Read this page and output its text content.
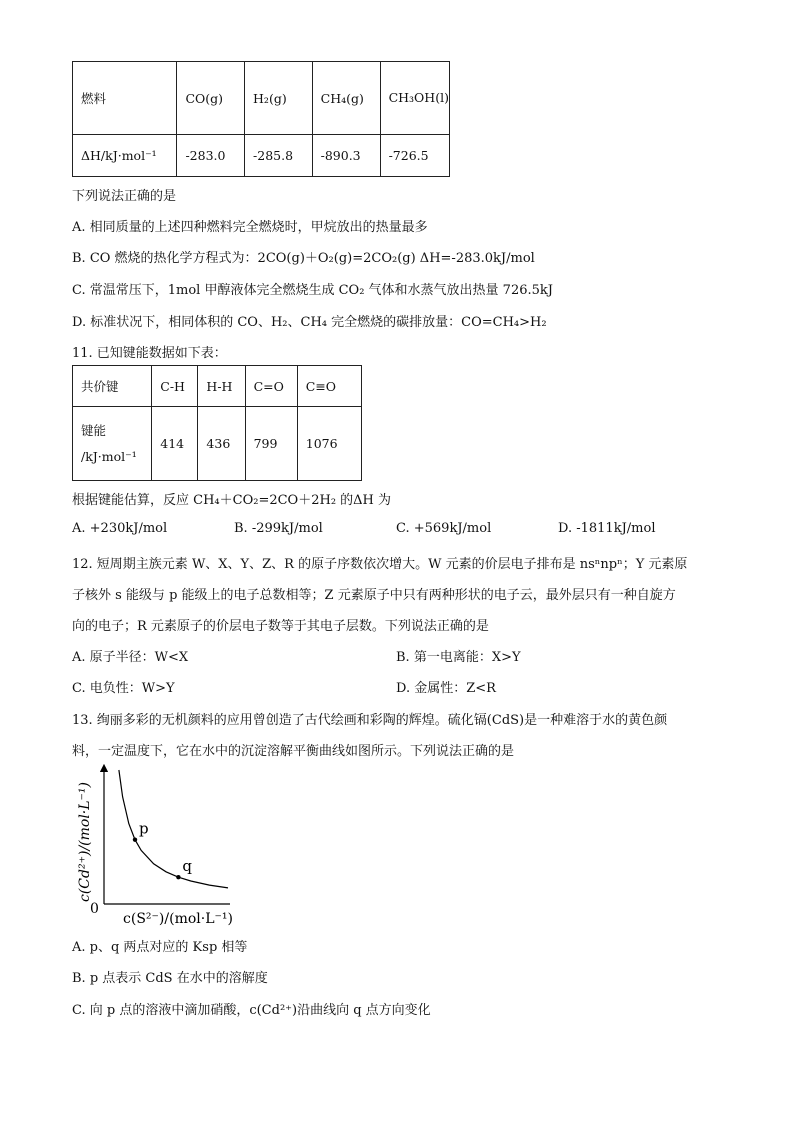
燃料	CO(g)	H₂(g)	CH₄(g)	CH₃OH(l)
ΔH/kJ·mol⁻¹	-283.0	-285.8	-890.3	-726.5
下列说法正确的是
A. 相同质量的上述四种燃料完全燃烧时，甲烷放出的热量最多
B. CO 燃烧的热化学方程式为：2CO(g)＋O₂(g)=2CO₂(g) ΔH=-283.0kJ/mol
C. 常温常压下，1mol 甲醇液体完全燃烧生成 CO₂ 气体和水蒸气放出热量 726.5kJ
D. 标准状况下，相同体积的 CO、H₂、CH₄ 完全燃烧的碳排放量：CO=CH₄>H₂
11. 已知键能数据如下表：
共价键	C-H	H-H	C=O	C≡O

键能
/kJ·mol⁻¹	414	436	799	1076
根据键能估算，反应 CH₄＋CO₂=2CO＋2H₂ 的ΔH 为
A. +230kJ/mol	B. -299kJ/mol	C. +569kJ/mol	D. -1811kJ/mol
12. 短周期主族元素 W、X、Y、Z、R 的原子序数依次增大。W 元素的价层电子排布是 nsⁿnpⁿ；Y 元素原
子核外 s 能级与 p 能级上的电子总数相等；Z 元素原子中只有两种形状的电子云，最外层只有一种自旋方
向的电子；R 元素原子的价层电子数等于其电子层数。下列说法正确的是
A. 原子半径：W<X	B. 第一电离能：X>Y
C. 电负性：W>Y	D. 金属性：Z<R
13. 绚丽多彩的无机颜料的应用曾创造了古代绘画和彩陶的辉煌。硫化镉(CdS)是一种难溶于水的黄色颜
料，一定温度下，它在水中的沉淀溶解平衡曲线如图所示。下列说法正确的是
c(Cd²⁺)/(mol·L⁻¹)
c(S²⁻)/(mol·L⁻¹)
0
p
q
A. p、q 两点对应的 Ksp 相等
B. p 点表示 CdS 在水中的溶解度
C. 向 p 点的溶液中滴加硝酸，c(Cd²⁺)沿曲线向 q 点方向变化
